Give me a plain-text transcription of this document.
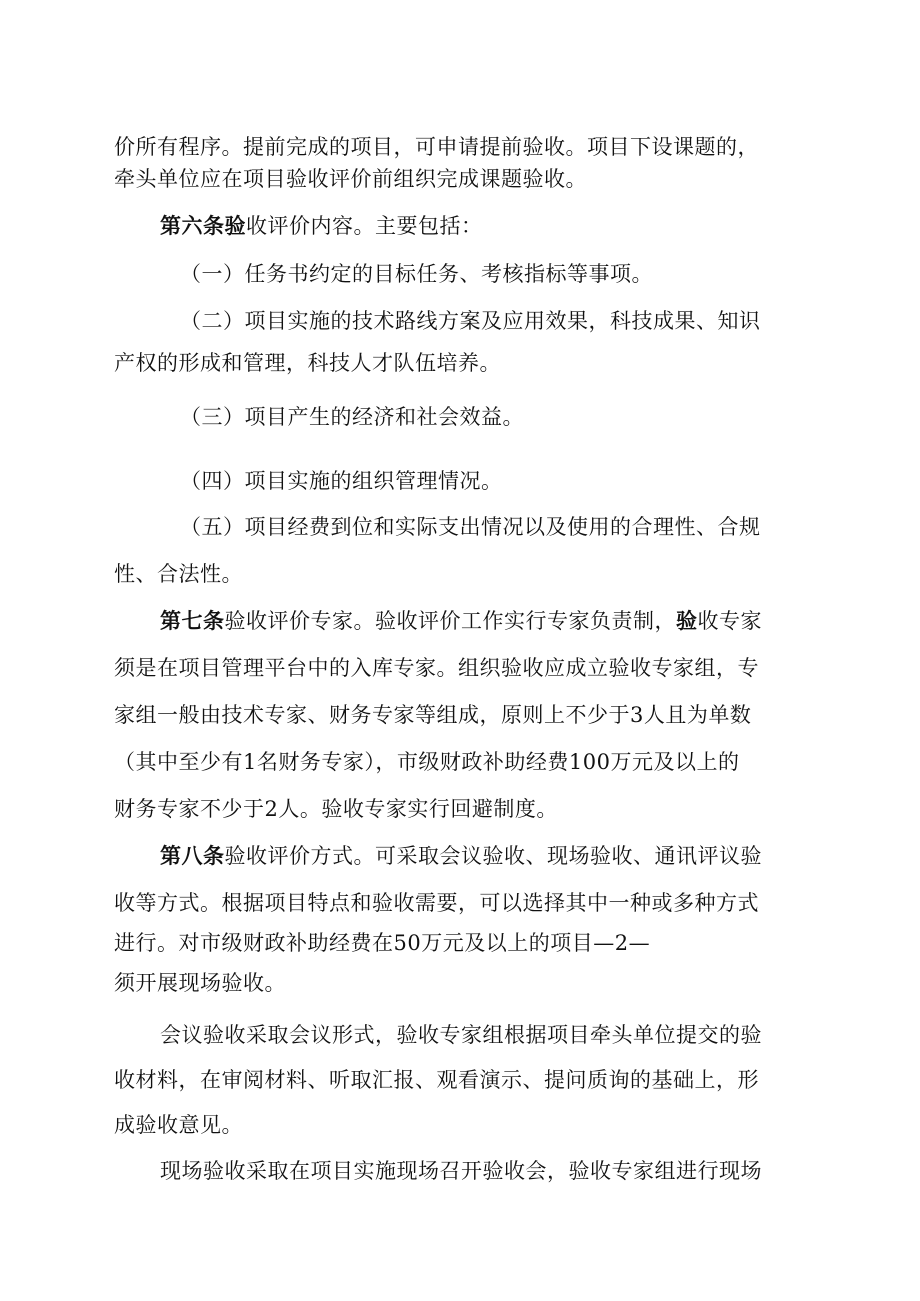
价所有程序。提前完成的项目，可申请提前验收。项目下设课题的，
牵头单位应在项目验收评价前组织完成课题验收。
第六条验收评价内容。主要包括：
（一）任务书约定的目标任务、考核指标等事项。
（二）项目实施的技术路线方案及应用效果，科技成果、知识
产权的形成和管理，科技人才队伍培养。
（三）项目产生的经济和社会效益。
（四）项目实施的组织管理情况。
（五）项目经费到位和实际支出情况以及使用的合理性、合规
性、合法性。
第七条验收评价专家。验收评价工作实行专家负责制，验收专家
须是在项目管理平台中的入库专家。组织验收应成立验收专家组，专
家组一般由技术专家、财务专家等组成，原则上不少于3人且为单数
（其中至少有1名财务专家），市级财政补助经费100万元及以上的
财务专家不少于2人。验收专家实行回避制度。
第八条验收评价方式。可采取会议验收、现场验收、通讯评议验
收等方式。根据项目特点和验收需要，可以选择其中一种或多种方式
进行。对市级财政补助经费在50万元及以上的项目—2—
须开展现场验收。
会议验收采取会议形式，验收专家组根据项目牵头单位提交的验
收材料，在审阅材料、听取汇报、观看演示、提问质询的基础上，形
成验收意见。
现场验收采取在项目实施现场召开验收会，验收专家组进行现场
